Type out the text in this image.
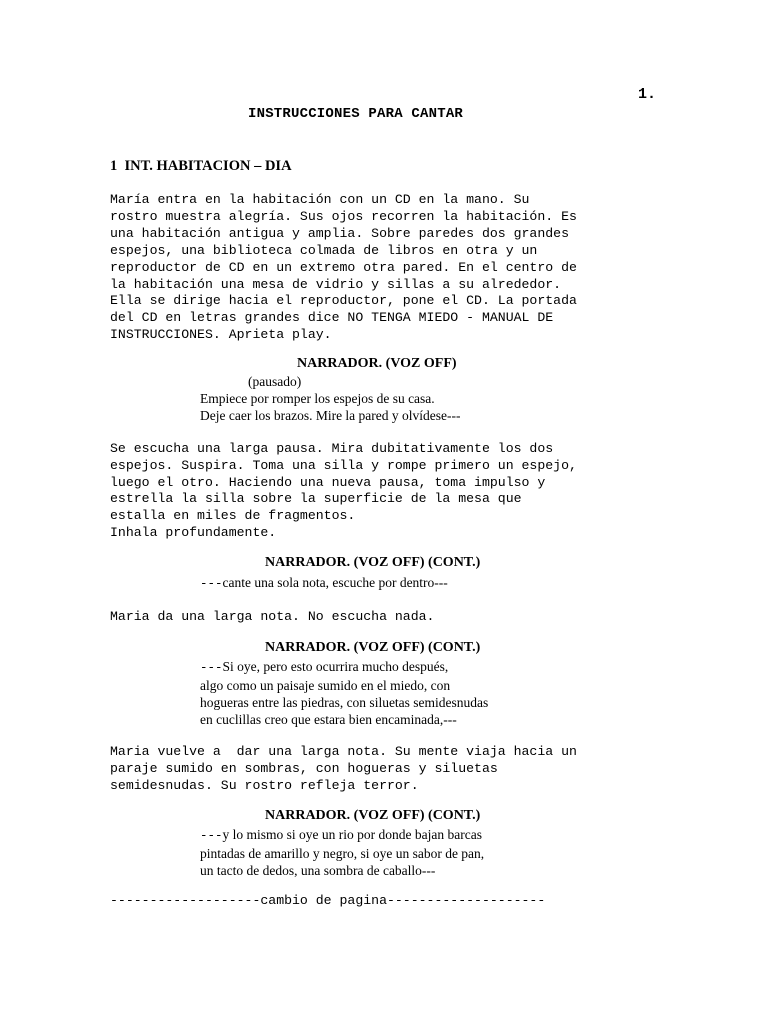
1.
INSTRUCCIONES PARA CANTAR
1  INT. HABITACION – DIA
María entra en la habitación con un CD en la mano. Su
rostro muestra alegría. Sus ojos recorren la habitación. Es
una habitación antigua y amplia. Sobre paredes dos grandes
espejos, una biblioteca colmada de libros en otra y un
reproductor de CD en un extremo otra pared. En el centro de
la habitación una mesa de vidrio y sillas a su alrededor.
Ella se dirige hacia el reproductor, pone el CD. La portada
del CD en letras grandes dice NO TENGA MIEDO - MANUAL DE
INSTRUCCIONES. Aprieta play.
NARRADOR. (VOZ OFF)
(pausado)
Empiece por romper los espejos de su casa.
Deje caer los brazos. Mire la pared y olvídese---
Se escucha una larga pausa. Mira dubitativamente los dos
espejos. Suspira. Toma una silla y rompe primero un espejo,
luego el otro. Haciendo una nueva pausa, toma impulso y
estrella la silla sobre la superficie de la mesa que
estalla en miles de fragmentos.
Inhala profundamente.
NARRADOR. (VOZ OFF) (CONT.)
---cante una sola nota, escuche por dentro---
Maria da una larga nota. No escucha nada.
NARRADOR. (VOZ OFF) (CONT.)
---Si oye, pero esto ocurrira mucho después,
algo como un paisaje sumido en el miedo, con
hogueras entre las piedras, con siluetas semidesnudas
en cuclillas creo que estara bien encaminada,---
Maria vuelve a  dar una larga nota. Su mente viaja hacia un
paraje sumido en sombras, con hogueras y siluetas
semidesnudas. Su rostro refleja terror.
NARRADOR. (VOZ OFF) (CONT.)
---y lo mismo si oye un rio por donde bajan barcas
pintadas de amarillo y negro, si oye un sabor de pan,
un tacto de dedos, una sombra de caballo---
-------------------cambio de pagina--------------------
